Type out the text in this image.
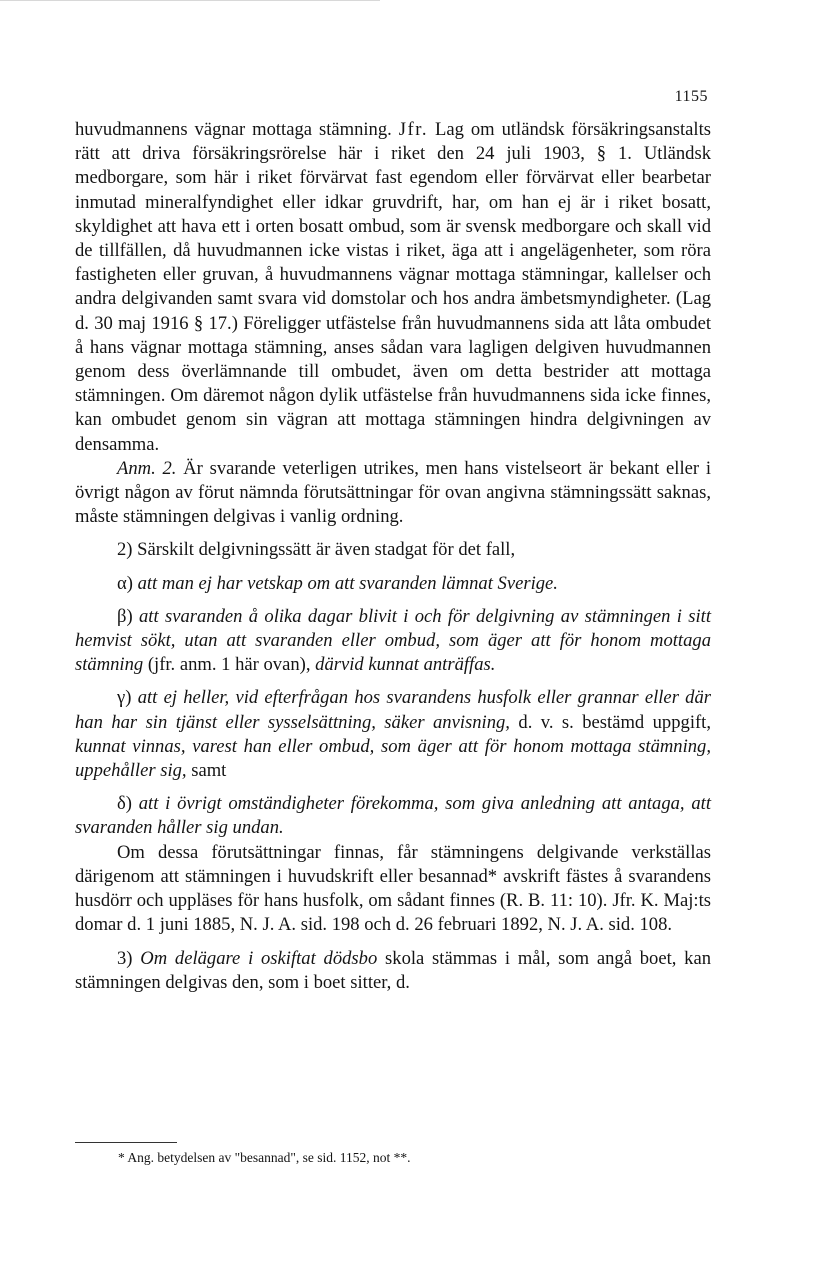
1155

huvudmannens vägnar mottaga stämning. Jfr. Lag om utländsk försäkringsanstalts rätt att driva försäkringsrörelse här i riket den 24 juli 1903, § 1. Utländsk medborgare, som här i riket förvärvat fast egendom eller förvärvat eller bearbetar inmutad mineralfyndighet eller idkar gruvdrift, har, om han ej är i riket bosatt, skyldighet att hava ett i orten bosatt ombud, som är svensk medborgare och skall vid de tillfällen, då huvudmannen icke vistas i riket, äga att i angelägenheter, som röra fastigheten eller gruvan, å huvudmannens vägnar mottaga stämningar, kallelser och andra delgivanden samt svara vid domstolar och hos andra ämbetsmyndigheter. (Lag d. 30 maj 1916 § 17.) Föreligger utfästelse från huvudmannens sida att låta ombudet å hans vägnar mottaga stämning, anses sådan vara lagligen delgiven huvudmannen genom dess överlämnande till ombudet, även om detta bestrider att mottaga stämningen. Om däremot någon dylik utfästelse från huvudmannens sida icke finnes, kan ombudet genom sin vägran att mottaga stämningen hindra delgivningen av densamma.

Anm. 2. Är svarande veterligen utrikes, men hans vistelseort är bekant eller i övrigt någon av förut nämnda förutsättningar för ovan angivna stämningssätt saknas, måste stämningen delgivas i vanlig ordning.

2) Särskilt delgivningssätt är även stadgat för det fall,

α) att man ej har vetskap om att svaranden lämnat Sverige.

β) att svaranden å olika dagar blivit i och för delgivning av stämningen i sitt hemvist sökt, utan att svaranden eller ombud, som äger att för honom mottaga stämning (jfr. anm. 1 här ovan), därvid kunnat anträffas.

γ) att ej heller, vid efterfrågan hos svarandens husfolk eller grannar eller där han har sin tjänst eller sysselsättning, säker anvisning, d. v. s. bestämd uppgift, kunnat vinnas, varest han eller ombud, som äger att för honom mottaga stämning, uppehåller sig, samt

δ) att i övrigt omständigheter förekomma, som giva anledning att antaga, att svaranden håller sig undan.

Om dessa förutsättningar finnas, får stämningens delgivande verkställas därigenom att stämningen i huvudskrift eller besannad* avskrift fästes å svarandens husdörr och uppläses för hans husfolk, om sådant finnes (R. B. 11: 10). Jfr. K. Maj:ts domar d. 1 juni 1885, N. J. A. sid. 198 och d. 26 februari 1892, N. J. A. sid. 108.

3) Om delägare i oskiftat dödsbo skola stämmas i mål, som angå boet, kan stämningen delgivas den, som i boet sitter, d.

* Ang. betydelsen av "besannad", se sid. 1152, not **.
